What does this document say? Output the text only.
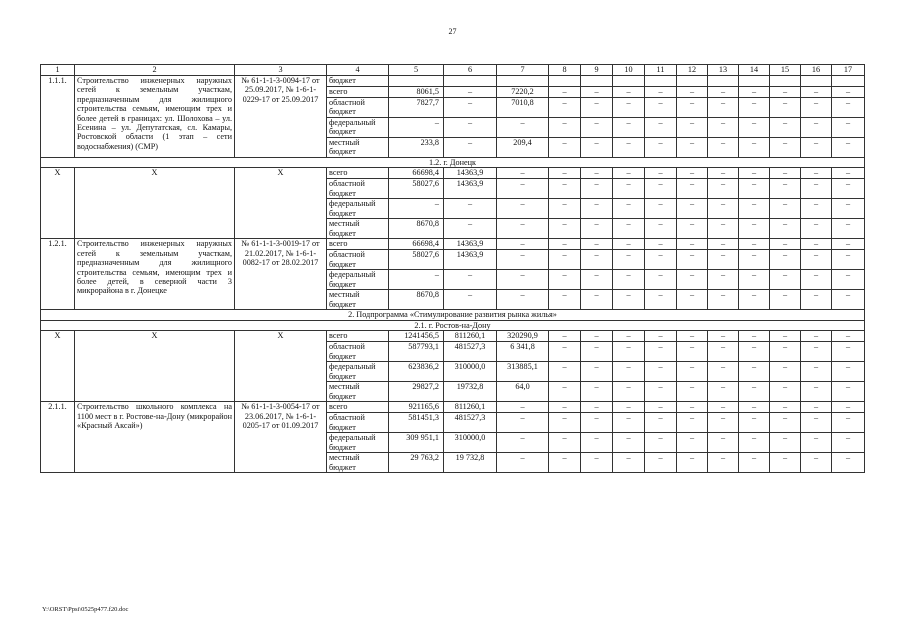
27
1	2	3	4	5	6	7	8	9	10	11	12	13	14	15	16	17
1.1.1.	Строительство инженерных наружных сетей к земельным участкам, предназначенным для жилищного строительства семьям, имеющим трех и более детей в границах: ул. Шолохова – ул. Есенина – ул. Депутатская, сл. Камары, Ростовской области (1 этап – сети водоснабжения) (СМР)	№ 61-1-1-3-0094-17 от 25.09.2017, № 1-6-1-0229-17 от 25.09.2017	бюджет													
			всего	8061,5	–	7220,2	–	–	–	–	–	–	–	–	–	–
			областной бюджет	7827,7	–	7010,8	–	–	–	–	–	–	–	–	–	–
			федеральный бюджет	–	–	–	–	–	–	–	–	–	–	–	–	–
			местный бюджет	233,8	–	209,4	–	–	–	–	–	–	–	–	–	–
1.2. г. Донецк																
Х	Х	Х	всего	66698,4	14363,9	–	–	–	–	–	–	–	–	–	–	–
			областной бюджет	58027,6	14363,9	–	–	–	–	–	–	–	–	–	–	–
			федеральный бюджет	–	–	–	–	–	–	–	–	–	–	–	–	–
			местный бюджет	8670,8	–	–	–	–	–	–	–	–	–	–	–	–
1.2.1.	Строительство инженерных наружных сетей к земельным участкам, предназначенным для жилищного строительства семьям, имеющим трех и более детей, в северной части 3 микрорайона в г. Донецке	№ 61-1-1-3-0019-17 от 21.02.2017, № 1-6-1-0082-17 от 28.02.2017	всего	66698,4	14363,9	–	–	–	–	–	–	–	–	–	–	–
			областной бюджет	58027,6	14363,9	–	–	–	–	–	–	–	–	–	–	–
			федеральный бюджет	–	–	–	–	–	–	–	–	–	–	–	–	–
			местный бюджет	8670,8	–	–	–	–	–	–	–	–	–	–	–	–
2. Подпрограмма «Стимулирование развития рынка жилья»																
2.1. г. Ростов-на-Дону																
Х	Х	Х	всего	1241456,5	811260,1	320290,9	–	–	–	–	–	–	–	–	–	–
			областной бюджет	587793,1	481527,3	6 341,8	–	–	–	–	–	–	–	–	–	–
			федеральный бюджет	623836,2	310000,0	313885,1	–	–	–	–	–	–	–	–	–	–
			местный бюджет	29827,2	19732,8	64,0	–	–	–	–	–	–	–	–	–	–
2.1.1.	Строительство школьного комплекса на 1100 мест в г. Ростове-на-Дону (микрорайон «Красный Аксай»)	№ 61-1-1-3-0054-17 от 23.06.2017, № 1-6-1-0205-17 от 01.09.2017	всего	921165,6	811260,1	–	–	–	–	–	–	–	–	–	–	–
			областной бюджет	581451,3	481527,3	–	–	–	–	–	–	–	–	–	–	–
			федеральный бюджет	309 951,1	310000,0	–	–	–	–	–	–	–	–	–	–	–
			местный бюджет	29 763,2	19 732,8	–	–	–	–	–	–	–	–	–	–	–
Y:\ORST\Ppsi\0525p477.f20.doc
